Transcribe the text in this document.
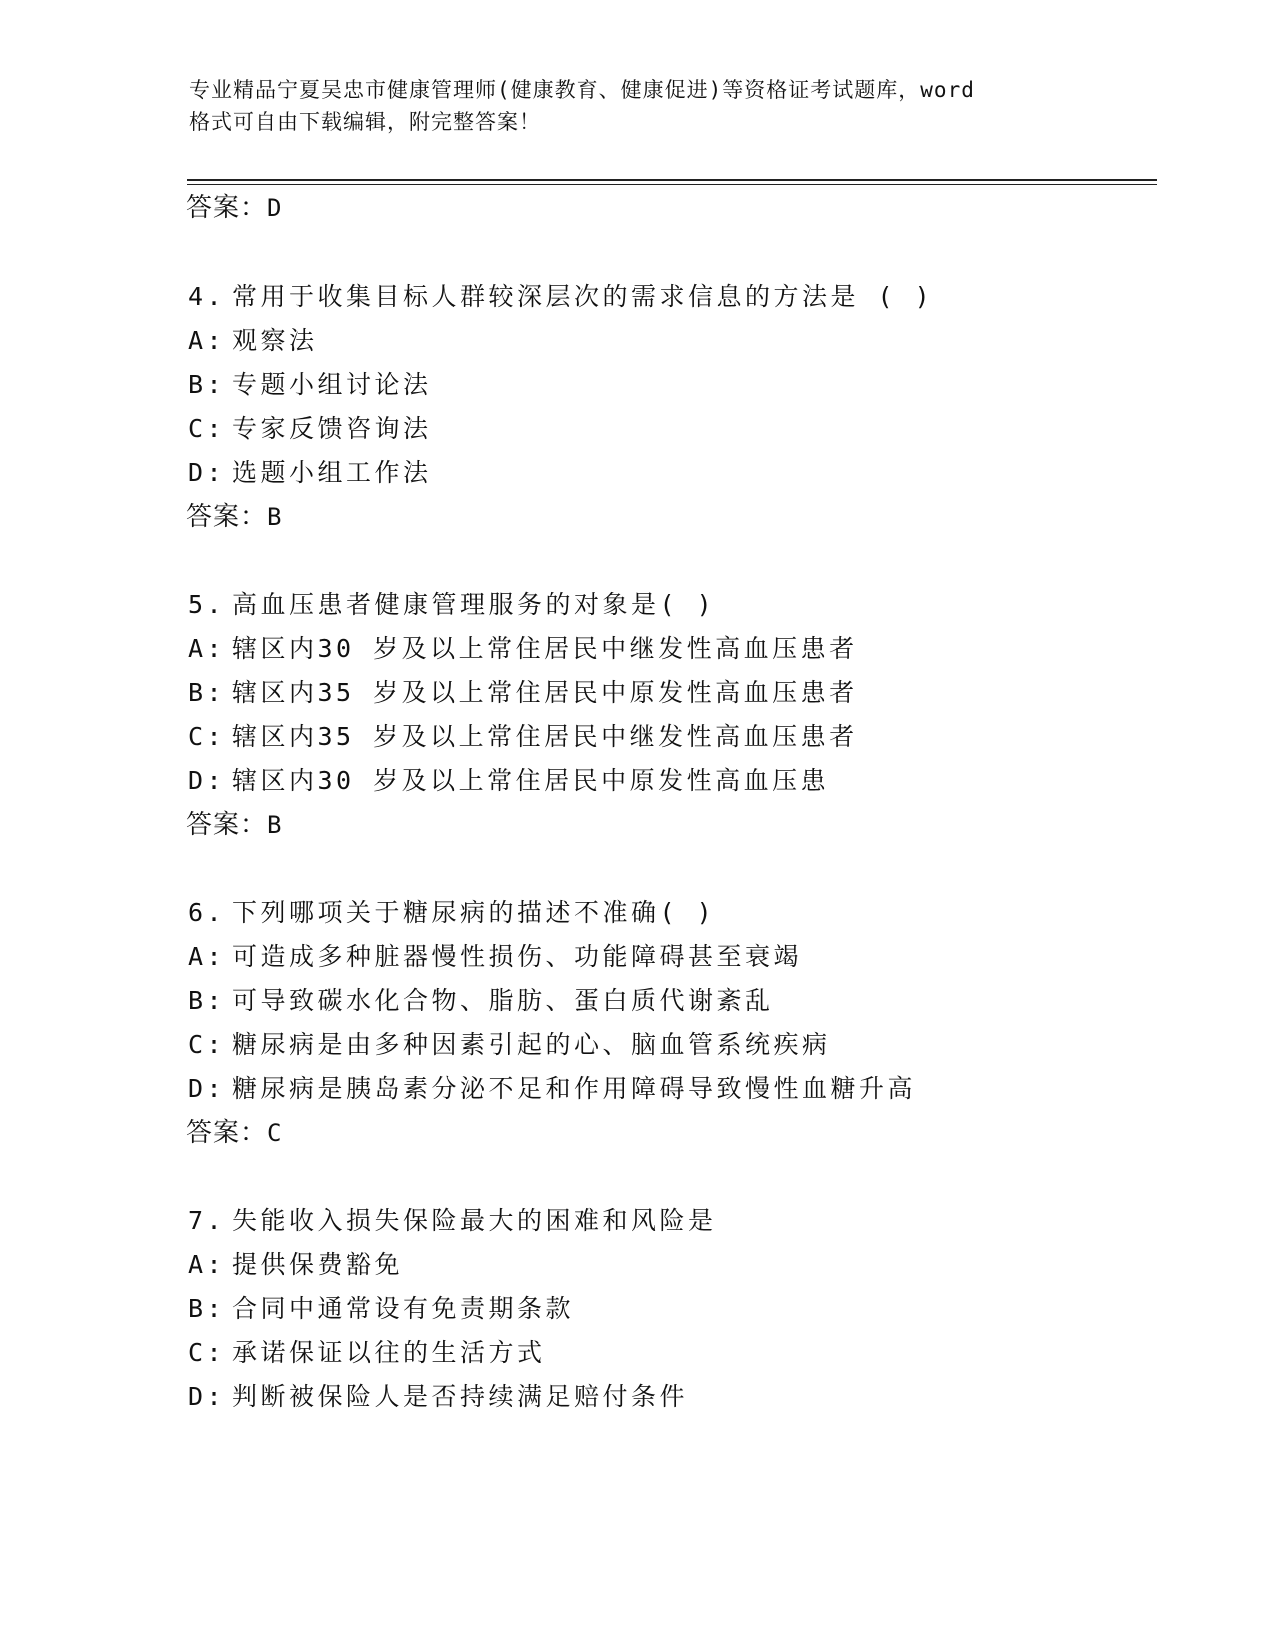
专业精品宁夏吴忠市健康管理师(健康教育、健康促进)等资格证考试题库，word
格式可自由下载编辑，附完整答案！
答案：D
4. 常用于收集目标人群较深层次的需求信息的方法是 ( )
A: 观察法
B: 专题小组讨论法
C: 专家反馈咨询法
D: 选题小组工作法
答案：B
5. 高血压患者健康管理服务的对象是( )
A: 辖区内30 岁及以上常住居民中继发性高血压患者
B: 辖区内35 岁及以上常住居民中原发性高血压患者
C: 辖区内35 岁及以上常住居民中继发性高血压患者
D: 辖区内30 岁及以上常住居民中原发性高血压患
答案：B
6. 下列哪项关于糖尿病的描述不准确( )
A: 可造成多种脏器慢性损伤、功能障碍甚至衰竭
B: 可导致碳水化合物、脂肪、蛋白质代谢紊乱
C: 糖尿病是由多种因素引起的心、脑血管系统疾病
D: 糖尿病是胰岛素分泌不足和作用障碍导致慢性血糖升高
答案：C
7. 失能收入损失保险最大的困难和风险是
A: 提供保费豁免
B: 合同中通常设有免责期条款
C: 承诺保证以往的生活方式
D: 判断被保险人是否持续满足赔付条件
